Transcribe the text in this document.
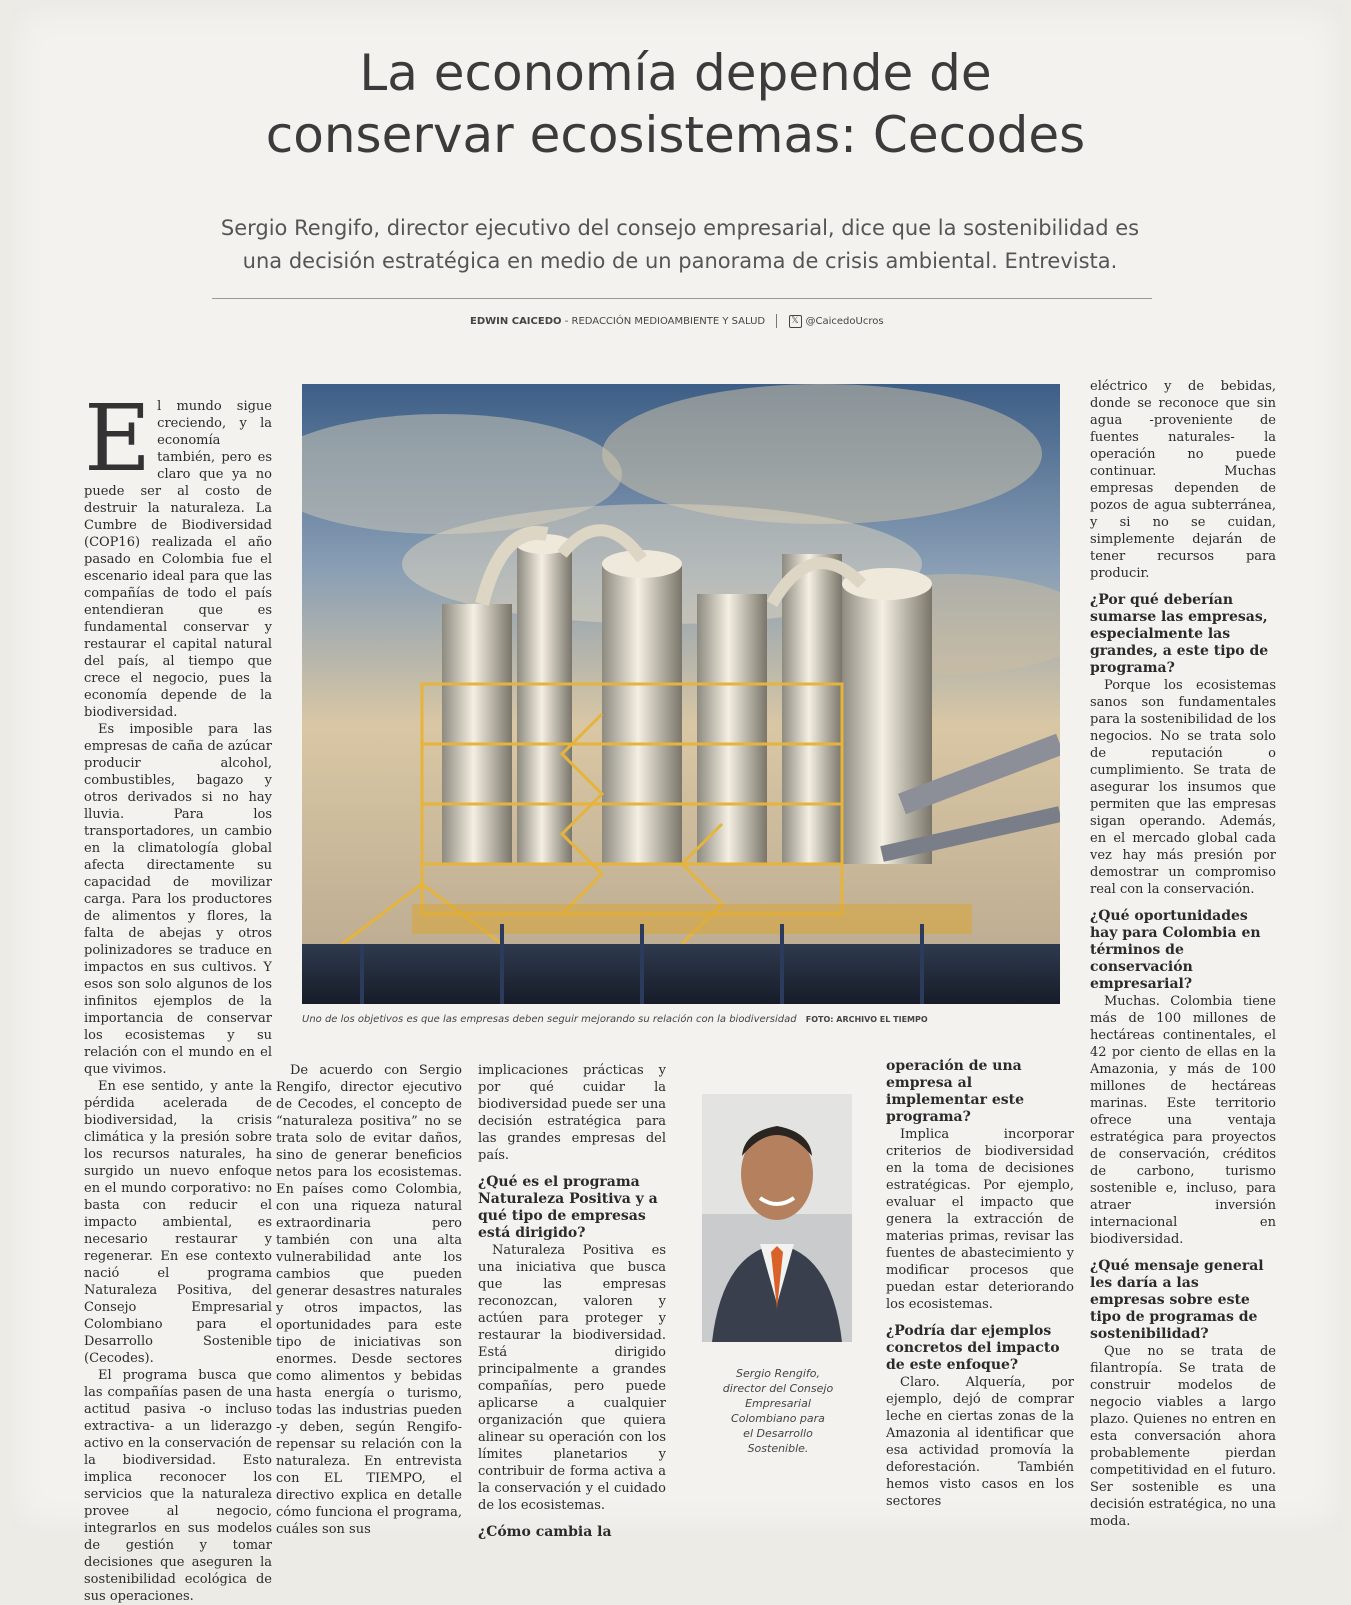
La economía depende de
conservar ecosistemas: Cecodes
Sergio Rengifo, director ejecutivo del consejo empresarial, dice que la sostenibilidad es
una decisión estratégica en medio de un panorama de crisis ambiental. Entrevista.
EDWIN CAICEDO - REDACCIÓN MEDIOAMBIENTE Y SALUD	𝕏 @CaicedoUcros

El mundo sigue creciendo, y la economía también, pero es claro que ya no puede ser al costo de destruir la naturaleza. La Cumbre de Biodiversidad (COP16) realizada el año pasado en Colombia fue el escenario ideal para que las compañías de todo el país entendieran que es fundamental conservar y restaurar el capital natural del país, al tiempo que crece el negocio, pues la economía depende de la biodiversidad.

Es imposible para las empresas de caña de azúcar producir alcohol, combustibles, bagazo y otros derivados si no hay lluvia. Para los transportadores, un cambio en la climatología global afecta directamente su capacidad de movilizar carga. Para los productores de alimentos y flores, la falta de abejas y otros polinizadores se traduce en impactos en sus cultivos. Y esos son solo algunos de los infinitos ejemplos de la importancia de conservar los ecosistemas y su relación con el mundo en el que vivimos.

En ese sentido, y ante la pérdida acelerada de biodiversidad, la crisis climática y la presión sobre los recursos naturales, ha surgido un nuevo enfoque en el mundo corporativo: no basta con reducir el impacto ambiental, es necesario restaurar y regenerar. En ese contexto nació el programa Naturaleza Positiva, del Consejo Empresarial Colombiano para el Desarrollo Sostenible (Cecodes).

El programa busca que las compañías pasen de una actitud pasiva -o incluso extractiva- a un liderazgo activo en la conservación de la biodiversidad. Esto implica reconocer los servicios que la naturaleza provee al negocio, integrarlos en sus modelos de gestión y tomar decisiones que aseguren la sostenibilidad ecológica de sus operaciones.

Uno de los objetivos es que las empresas deben seguir mejorando su relación con la biodiversidad FOTO: ARCHIVO EL TIEMPO

De acuerdo con Sergio Rengifo, director ejecutivo de Cecodes, el concepto de “naturaleza positiva” no se trata solo de evitar daños, sino de generar beneficios netos para los ecosistemas. En países como Colombia, con una riqueza natural extraordinaria pero también con una alta vulnerabilidad ante los cambios que pueden generar desastres naturales y otros impactos, las oportunidades para este tipo de iniciativas son enormes. Desde sectores como alimentos y bebidas hasta energía o turismo, todas las industrias pueden -y deben, según Rengifo- repensar su relación con la naturaleza. En entrevista con EL TIEMPO, el directivo explica en detalle cómo funciona el programa, cuáles son sus

implicaciones prácticas y por qué cuidar la biodiversidad puede ser una decisión estratégica para las grandes empresas del país.

¿Qué es el programa Naturaleza Positiva y a qué tipo de empresas está dirigido?

Naturaleza Positiva es una iniciativa que busca que las empresas reconozcan, valoren y actúen para proteger y restaurar la biodiversidad. Está dirigido principalmente a grandes compañías, pero puede aplicarse a cualquier organización que quiera alinear su operación con los límites planetarios y contribuir de forma activa a la conservación y el cuidado de los ecosistemas.

¿Cómo cambia la
Sergio Rengifo,
director del Consejo
Empresarial
Colombiano para
el Desarrollo
Sostenible.
operación de una empresa al implementar este programa?

Implica incorporar criterios de biodiversidad en la toma de decisiones estratégicas. Por ejemplo, evaluar el impacto que genera la extracción de materias primas, revisar las fuentes de abastecimiento y modificar procesos que puedan estar deteriorando los ecosistemas.

¿Podría dar ejemplos concretos del impacto de este enfoque?

Claro. Alquería, por ejemplo, dejó de comprar leche en ciertas zonas de la Amazonia al identificar que esa actividad promovía la deforestación. También hemos visto casos en los sectores

eléctrico y de bebidas, donde se reconoce que sin agua -proveniente de fuentes naturales- la operación no puede continuar. Muchas empresas dependen de pozos de agua subterránea, y si no se cuidan, simplemente dejarán de tener recursos para producir.

¿Por qué deberían sumarse las empresas, especialmente las grandes, a este tipo de programa?

Porque los ecosistemas sanos son fundamentales para la sostenibilidad de los negocios. No se trata solo de reputación o cumplimiento. Se trata de asegurar los insumos que permiten que las empresas sigan operando. Además, en el mercado global cada vez hay más presión por demostrar un compromiso real con la conservación.

¿Qué oportunidades hay para Colombia en términos de conservación empresarial?

Muchas. Colombia tiene más de 100 millones de hectáreas continentales, el 42 por ciento de ellas en la Amazonia, y más de 100 millones de hectáreas marinas. Este territorio ofrece una ventaja estratégica para proyectos de conservación, créditos de carbono, turismo sostenible e, incluso, para atraer inversión internacional en biodiversidad.

¿Qué mensaje general les daría a las empresas sobre este tipo de programas de sostenibilidad?

Que no se trata de filantropía. Se trata de construir modelos de negocio viables a largo plazo. Quienes no entren en esta conversación ahora probablemente pierdan competitividad en el futuro. Ser sostenible es una decisión estratégica, no una moda.
